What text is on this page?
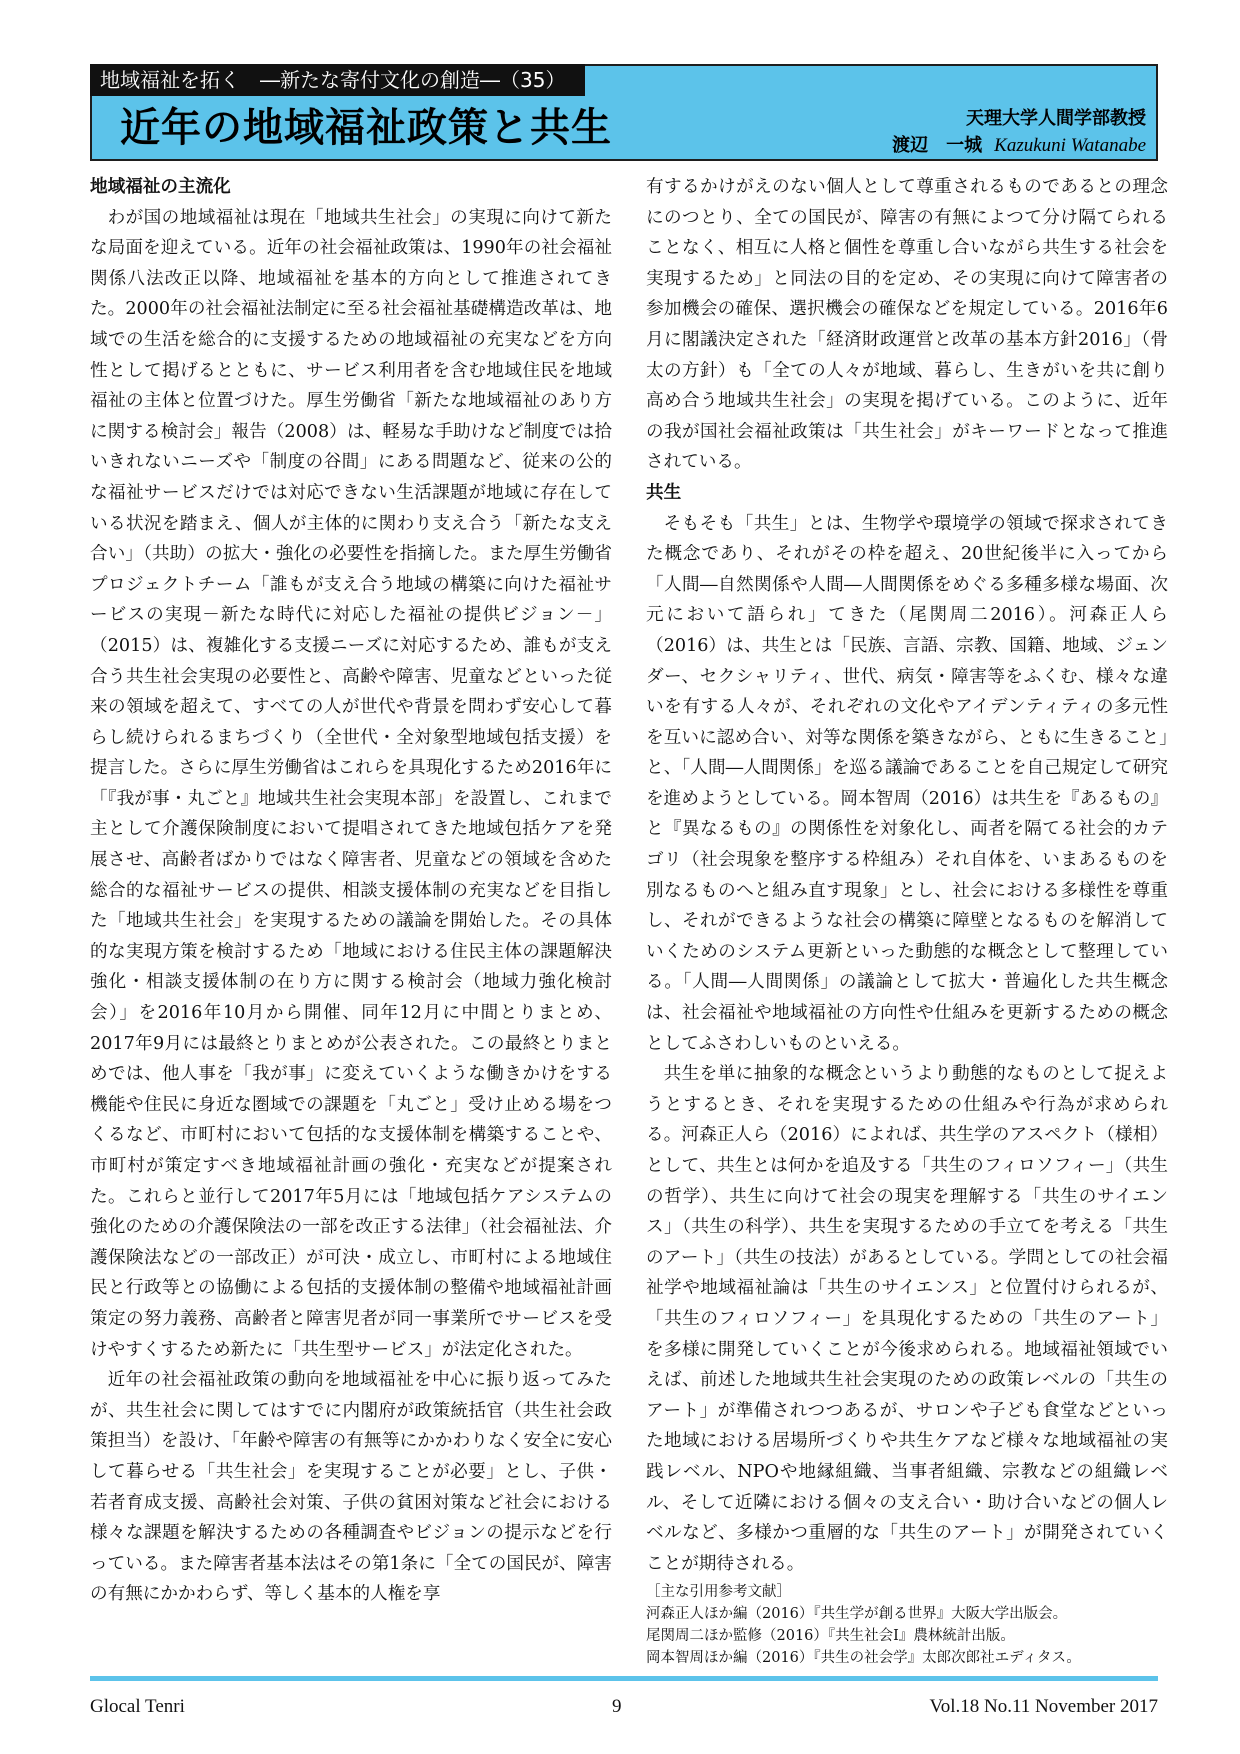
地域福祉を拓く　―新たな寄付文化の創造―（35）
近年の地域福祉政策と共生	天理大学人間学部教授
渡辺　一城 Kazukuni Watanabe
地域福祉の主流化

わが国の地域福祉は現在「地域共生社会」の実現に向けて新たな局面を迎えている。近年の社会福祉政策は、1990年の社会福祉関係八法改正以降、地域福祉を基本的方向として推進されてきた。2000年の社会福祉法制定に至る社会福祉基礎構造改革は、地域での生活を総合的に支援するための地域福祉の充実などを方向性として掲げるとともに、サービス利用者を含む地域住民を地域福祉の主体と位置づけた。厚生労働省「新たな地域福祉のあり方に関する検討会」報告（2008）は、軽易な手助けなど制度では拾いきれないニーズや「制度の谷間」にある問題など、従来の公的な福祉サービスだけでは対応できない生活課題が地域に存在している状況を踏まえ、個人が主体的に関わり支え合う「新たな支え合い」（共助）の拡大・強化の必要性を指摘した。また厚生労働省プロジェクトチーム「誰もが支え合う地域の構築に向けた福祉サービスの実現－新たな時代に対応した福祉の提供ビジョン－」（2015）は、複雑化する支援ニーズに対応するため、誰もが支え合う共生社会実現の必要性と、高齢や障害、児童などといった従来の領域を超えて、すべての人が世代や背景を問わず安心して暮らし続けられるまちづくり（全世代・全対象型地域包括支援）を提言した。さらに厚生労働省はこれらを具現化するため2016年に「『我が事・丸ごと』地域共生社会実現本部」を設置し、これまで主として介護保険制度において提唱されてきた地域包括ケアを発展させ、高齢者ばかりではなく障害者、児童などの領域を含めた総合的な福祉サービスの提供、相談支援体制の充実などを目指した「地域共生社会」を実現するための議論を開始した。その具体的な実現方策を検討するため「地域における住民主体の課題解決強化・相談支援体制の在り方に関する検討会（地域力強化検討会）」を2016年10月から開催、同年12月に中間とりまとめ、2017年9月には最終とりまとめが公表された。この最終とりまとめでは、他人事を「我が事」に変えていくような働きかけをする機能や住民に身近な圏域での課題を「丸ごと」受け止める場をつくるなど、市町村において包括的な支援体制を構築することや、市町村が策定すべき地域福祉計画の強化・充実などが提案された。これらと並行して2017年5月には「地域包括ケアシステムの強化のための介護保険法の一部を改正する法律」（社会福祉法、介護保険法などの一部改正）が可決・成立し、市町村による地域住民と行政等との協働による包括的支援体制の整備や地域福祉計画策定の努力義務、高齢者と障害児者が同一事業所でサービスを受けやすくするため新たに「共生型サービス」が法定化された。

近年の社会福祉政策の動向を地域福祉を中心に振り返ってみたが、共生社会に関してはすでに内閣府が政策統括官（共生社会政策担当）を設け、「年齢や障害の有無等にかかわりなく安全に安心して暮らせる「共生社会」を実現することが必要」とし、子供・若者育成支援、高齢社会対策、子供の貧困対策など社会における様々な課題を解決するための各種調査やビジョンの提示などを行っている。また障害者基本法はその第1条に「全ての国民が、障害の有無にかかわらず、等しく基本的人権を享

有するかけがえのない個人として尊重されるものであるとの理念にのつとり、全ての国民が、障害の有無によつて分け隔てられることなく、相互に人格と個性を尊重し合いながら共生する社会を実現するため」と同法の目的を定め、その実現に向けて障害者の参加機会の確保、選択機会の確保などを規定している。2016年6月に閣議決定された「経済財政運営と改革の基本方針2016」（骨太の方針）も「全ての人々が地域、暮らし、生きがいを共に創り高め合う地域共生社会」の実現を掲げている。このように、近年の我が国社会福祉政策は「共生社会」がキーワードとなって推進されている。

共生

そもそも「共生」とは、生物学や環境学の領域で探求されてきた概念であり、それがその枠を超え、20世紀後半に入ってから「人間―自然関係や人間―人間関係をめぐる多種多様な場面、次元において語られ」てきた（尾関周二2016）。河森正人ら（2016）は、共生とは「民族、言語、宗教、国籍、地域、ジェンダー、セクシャリティ、世代、病気・障害等をふくむ、様々な違いを有する人々が、それぞれの文化やアイデンティティの多元性を互いに認め合い、対等な関係を築きながら、ともに生きること」と、「人間―人間関係」を巡る議論であることを自己規定して研究を進めようとしている。岡本智周（2016）は共生を『あるもの』と『異なるもの』の関係性を対象化し、両者を隔てる社会的カテゴリ（社会現象を整序する枠組み）それ自体を、いまあるものを別なるものへと組み直す現象」とし、社会における多様性を尊重し、それができるような社会の構築に障壁となるものを解消していくためのシステム更新といった動態的な概念として整理している。「人間―人間関係」の議論として拡大・普遍化した共生概念は、社会福祉や地域福祉の方向性や仕組みを更新するための概念としてふさわしいものといえる。

共生を単に抽象的な概念というより動態的なものとして捉えようとするとき、それを実現するための仕組みや行為が求められる。河森正人ら（2016）によれば、共生学のアスペクト（様相）として、共生とは何かを追及する「共生のフィロソフィー」（共生の哲学）、共生に向けて社会の現実を理解する「共生のサイエンス」（共生の科学）、共生を実現するための手立てを考える「共生のアート」（共生の技法）があるとしている。学問としての社会福祉学や地域福祉論は「共生のサイエンス」と位置付けられるが、「共生のフィロソフィー」を具現化するための「共生のアート」を多様に開発していくことが今後求められる。地域福祉領域でいえば、前述した地域共生社会実現のための政策レベルの「共生のアート」が準備されつつあるが、サロンや子ども食堂などといった地域における居場所づくりや共生ケアなど様々な地域福祉の実践レベル、NPOや地縁組織、当事者組織、宗教などの組織レベル、そして近隣における個々の支え合い・助け合いなどの個人レベルなど、多様かつ重層的な「共生のアート」が開発されていくことが期待される。

［主な引用参考文献］
河森正人ほか編（2016）『共生学が創る世界』大阪大学出版会。
尾関周二ほか監修（2016）『共生社会Ⅰ』農林統計出版。
岡本智周ほか編（2016）『共生の社会学』太郎次郎社エディタス。
Glocal Tenri	9	Vol.18 No.11 November 2017
